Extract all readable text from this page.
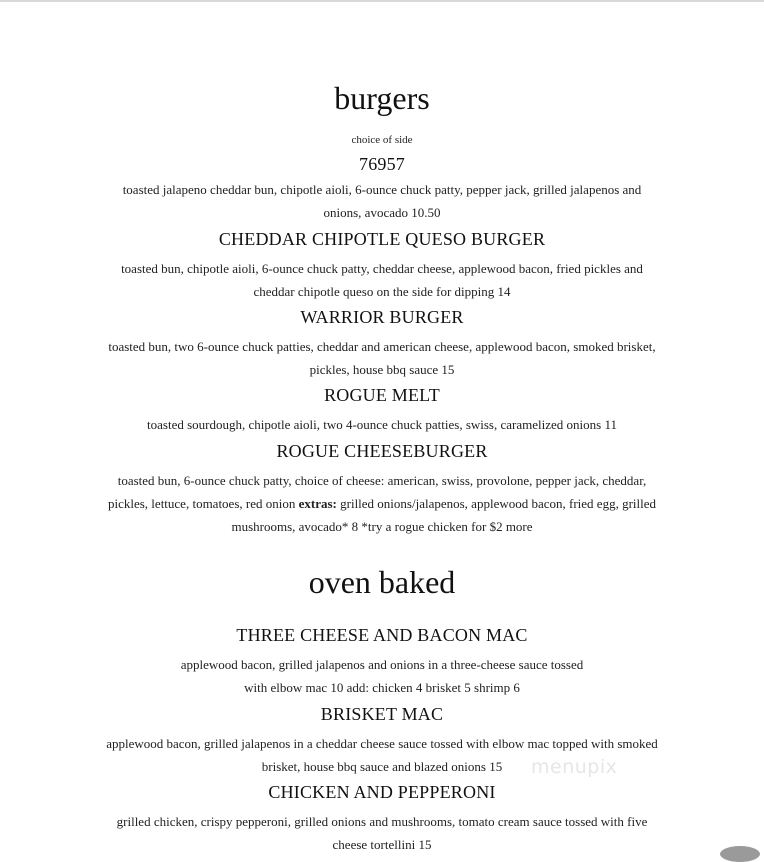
burgers
choice of side
76957
toasted jalapeno cheddar bun, chipotle aioli, 6-ounce chuck patty, pepper jack, grilled jalapenos and
onions, avocado 10.50
CHEDDAR CHIPOTLE QUESO BURGER
toasted bun, chipotle aioli, 6-ounce chuck patty, cheddar cheese, applewood bacon, fried pickles and
cheddar chipotle queso on the side for dipping 14
WARRIOR BURGER
toasted bun, two 6-ounce chuck patties, cheddar and american cheese, applewood bacon, smoked brisket,
pickles, house bbq sauce 15
ROGUE MELT
toasted sourdough, chipotle aioli, two 4-ounce chuck patties, swiss, caramelized onions 11
ROGUE CHEESEBURGER
toasted bun, 6-ounce chuck patty, choice of cheese: american, swiss, provolone, pepper jack, cheddar,
pickles, lettuce, tomatoes, red onion extras: grilled onions/jalapenos, applewood bacon, fried egg, grilled
mushrooms, avocado* 8 *try a rogue chicken for $2 more
oven baked
THREE CHEESE AND BACON MAC
applewood bacon, grilled jalapenos and onions in a three-cheese sauce tossed
with elbow mac 10 add: chicken 4 brisket 5 shrimp 6
BRISKET MAC
applewood bacon, grilled jalapenos in a cheddar cheese sauce tossed with elbow mac topped with smoked
brisket, house bbq sauce and blazed onions 15
CHICKEN AND PEPPERONI
grilled chicken, crispy pepperoni, grilled onions and mushrooms, tomato cream sauce tossed with five
cheese tortellini 15
menupix
